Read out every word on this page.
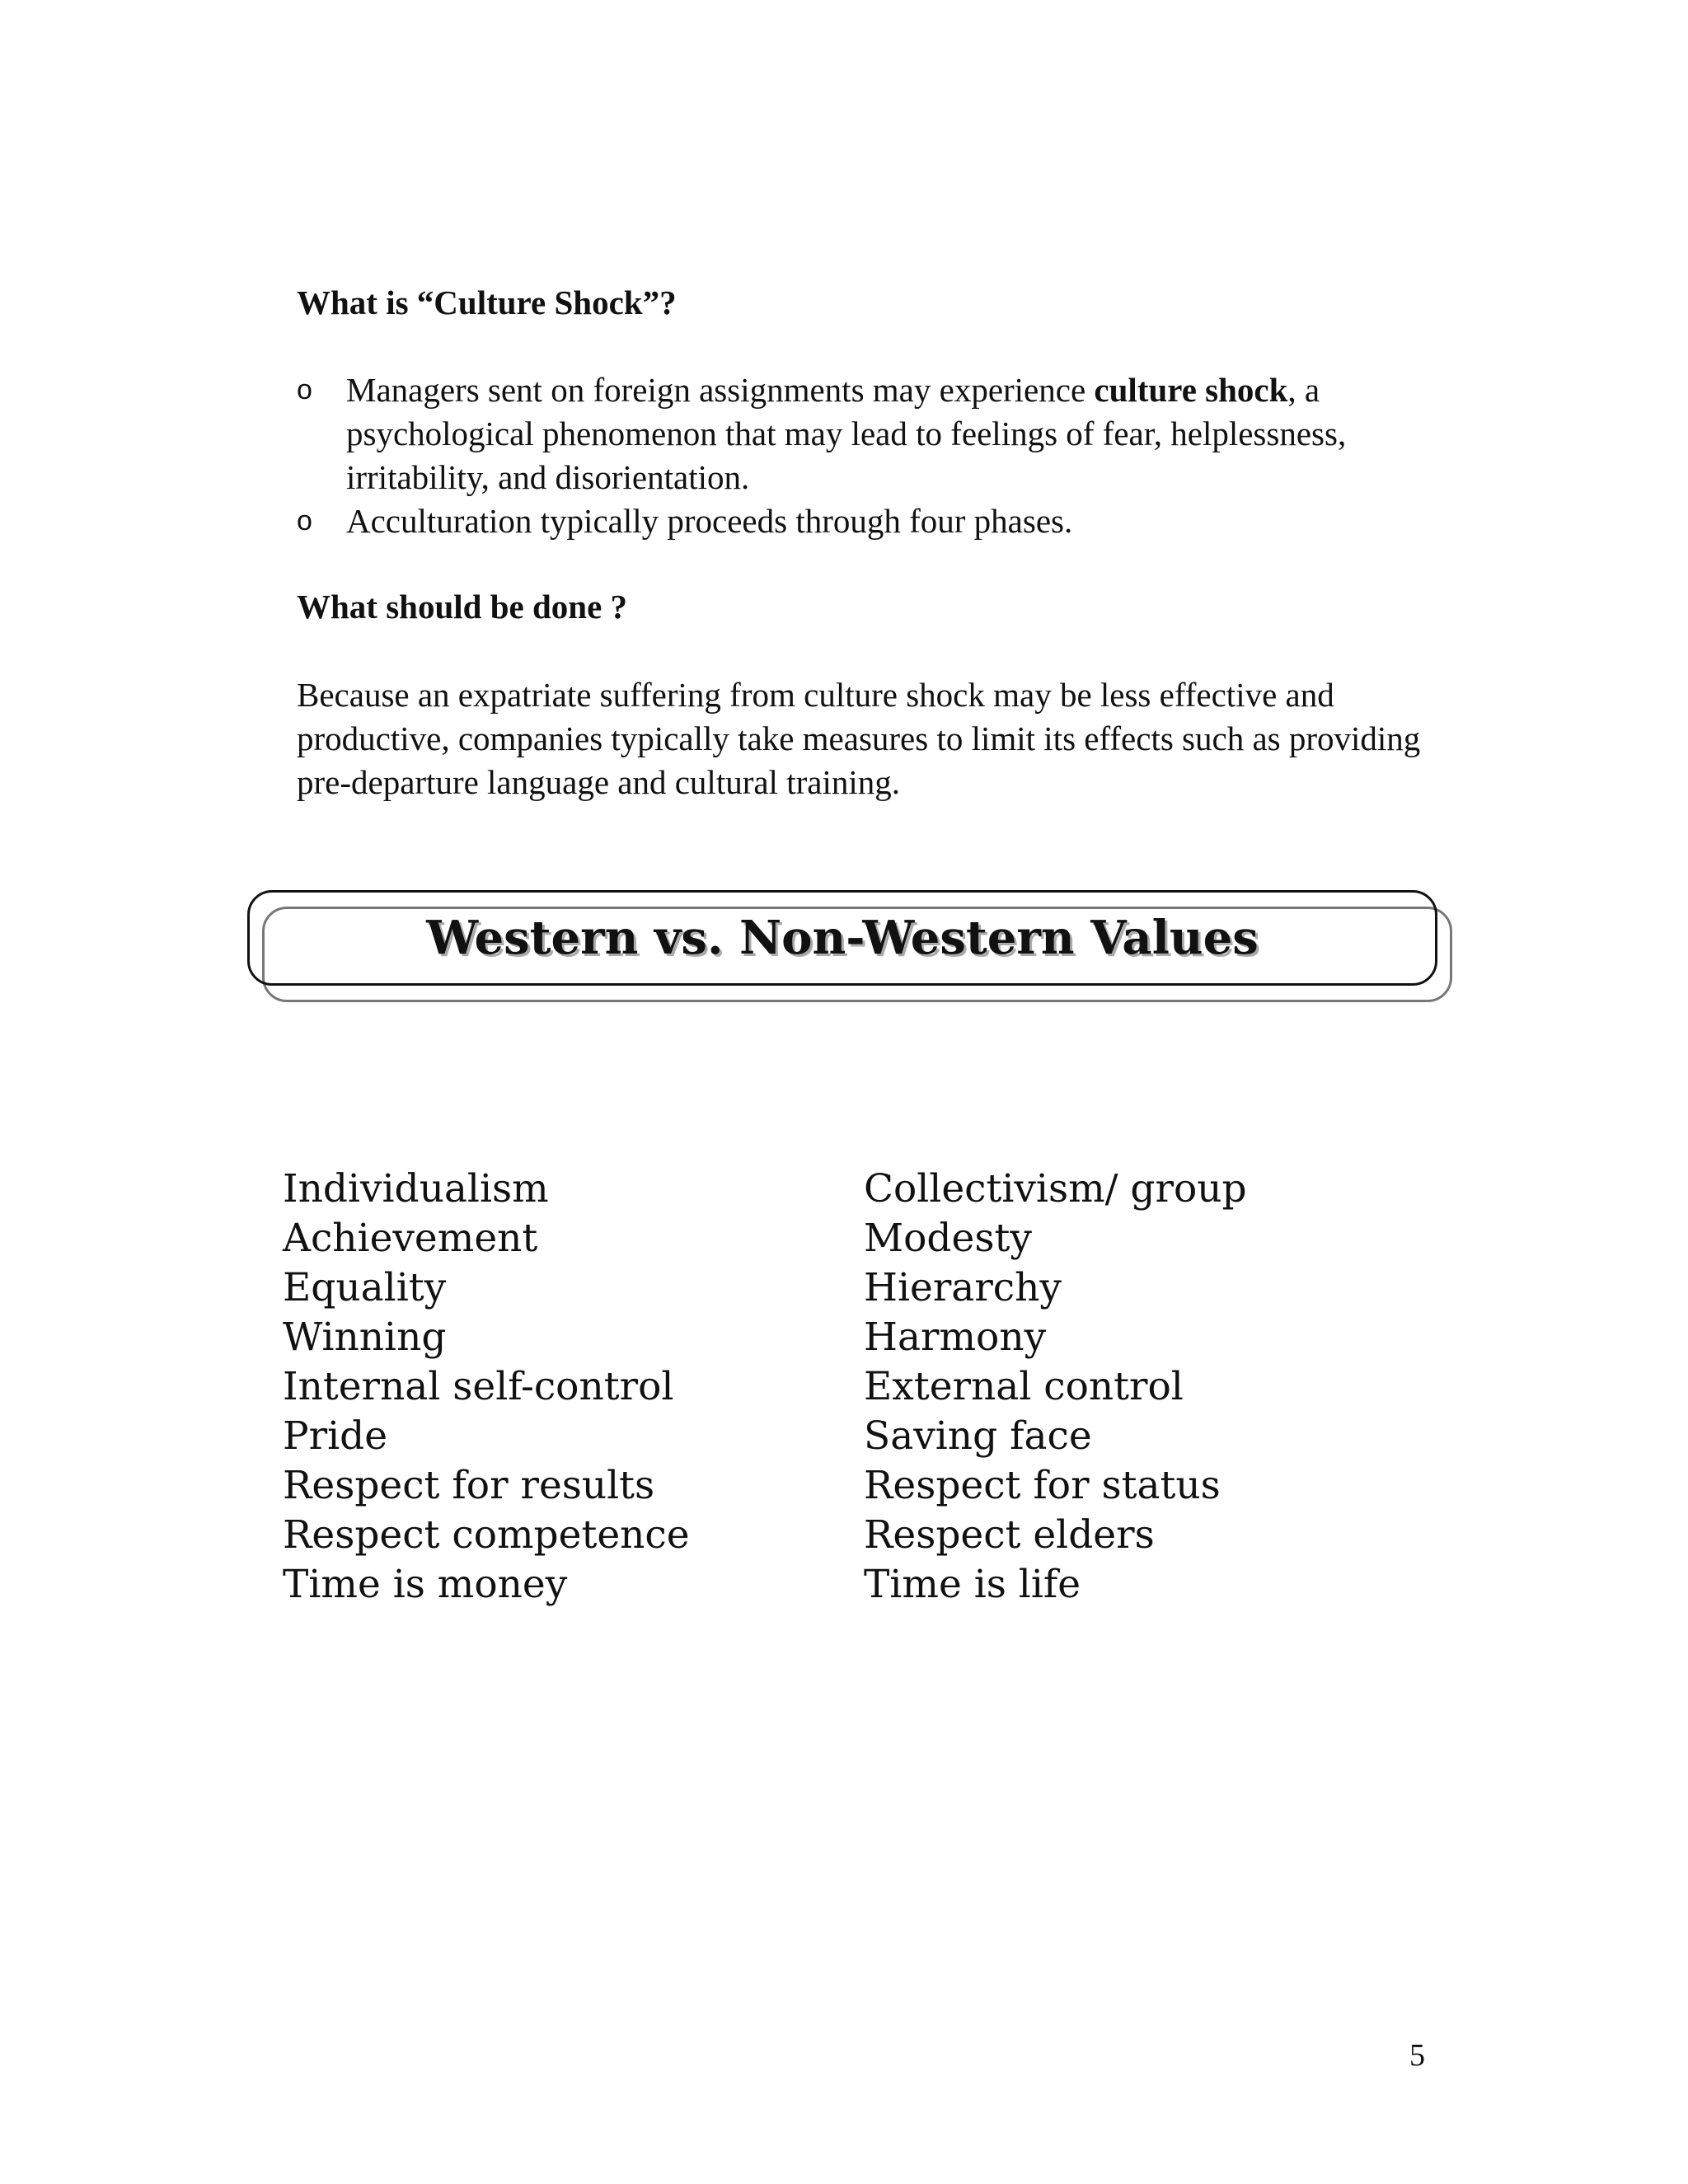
What is “Culture Shock”?
o Managers sent on foreign assignments may experience culture shock, a psychological phenomenon that may lead to feelings of fear, helplessness, irritability, and disorientation.
o Acculturation typically proceeds through four phases.
What should be done ?

Because an expatriate suffering from culture shock may be less effective and productive, companies typically take measures to limit its effects such as providing pre-departure language and cultural training.

Western vs. Non-Western Values
Individualism
Achievement
Equality
Winning
Internal self-control
Pride
Respect for results
Respect competence
Time is money
Collectivism/ group
Modesty
Hierarchy
Harmony
External control
Saving face
Respect for status
Respect elders
Time is life
5
